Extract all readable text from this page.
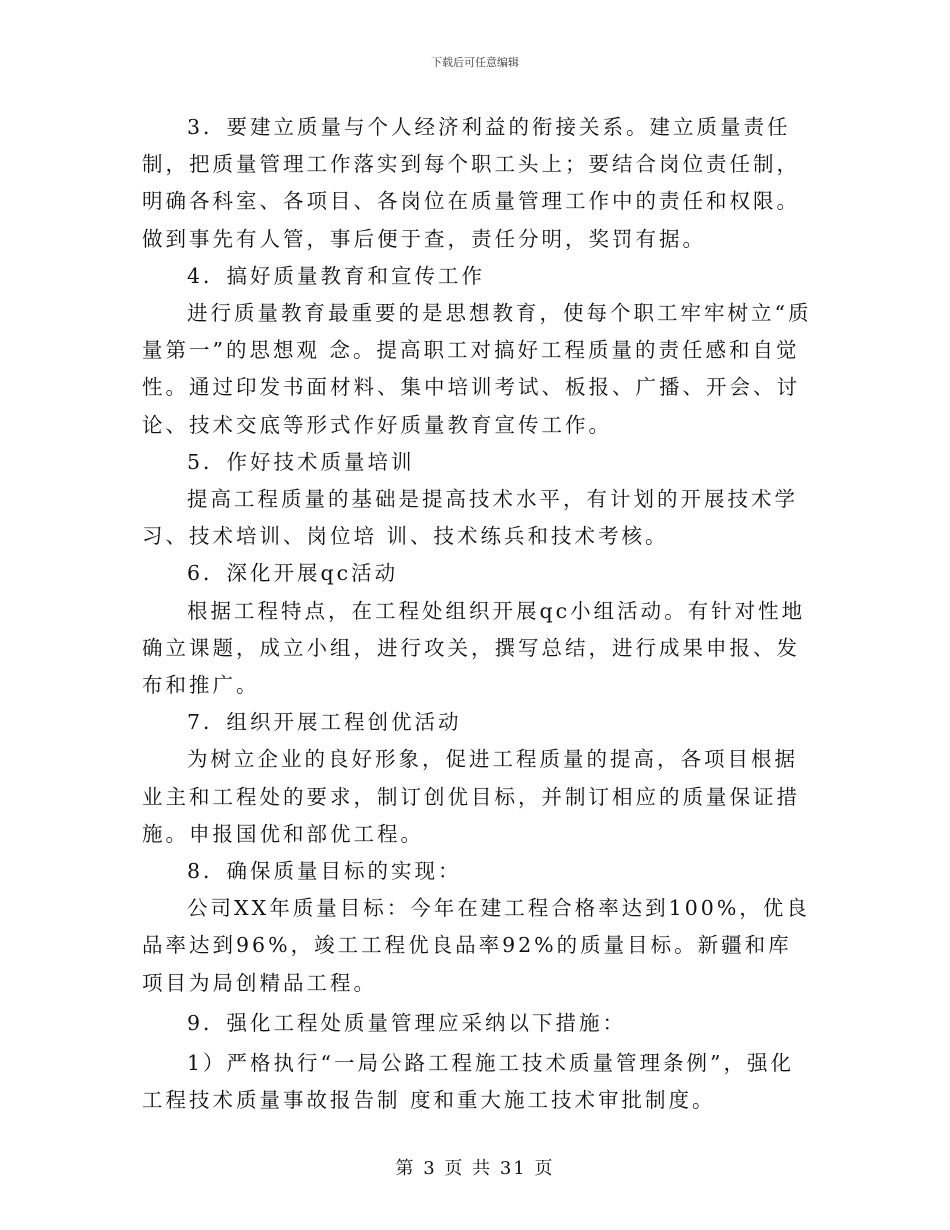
下载后可任意编辑

3．要建立质量与个人经济利益的衔接关系。建立质量责任制，把质量管理工作落实到每个职工头上；要结合岗位责任制，明确各科室、各项目、各岗位在质量管理工作中的责任和权限。做到事先有人管，事后便于查，责任分明，奖罚有据。

4．搞好质量教育和宣传工作

进行质量教育最重要的是思想教育，使每个职工牢牢树立“质量第一”的思想观 念。提高职工对搞好工程质量的责任感和自觉性。通过印发书面材料、集中培训考试、板报、广播、开会、讨论、技术交底等形式作好质量教育宣传工作。

5．作好技术质量培训

提高工程质量的基础是提高技术水平，有计划的开展技术学习、技术培训、岗位培 训、技术练兵和技术考核。

6．深化开展qc活动

根据工程特点，在工程处组织开展qc小组活动。有针对性地确立课题，成立小组，进行攻关，撰写总结，进行成果申报、发布和推广。

7．组织开展工程创优活动

为树立企业的良好形象，促进工程质量的提高，各项目根据业主和工程处的要求，制订创优目标，并制订相应的质量保证措施。申报国优和部优工程。

8．确保质量目标的实现：

公司XX年质量目标：今年在建工程合格率达到100%，优良品率达到96%，竣工工程优良品率92%的质量目标。新疆和库项目为局创精品工程。

9．强化工程处质量管理应采纳以下措施：

1）严格执行“一局公路工程施工技术质量管理条例”，强化工程技术质量事故报告制 度和重大施工技术审批制度。

第 3 页 共 31 页
